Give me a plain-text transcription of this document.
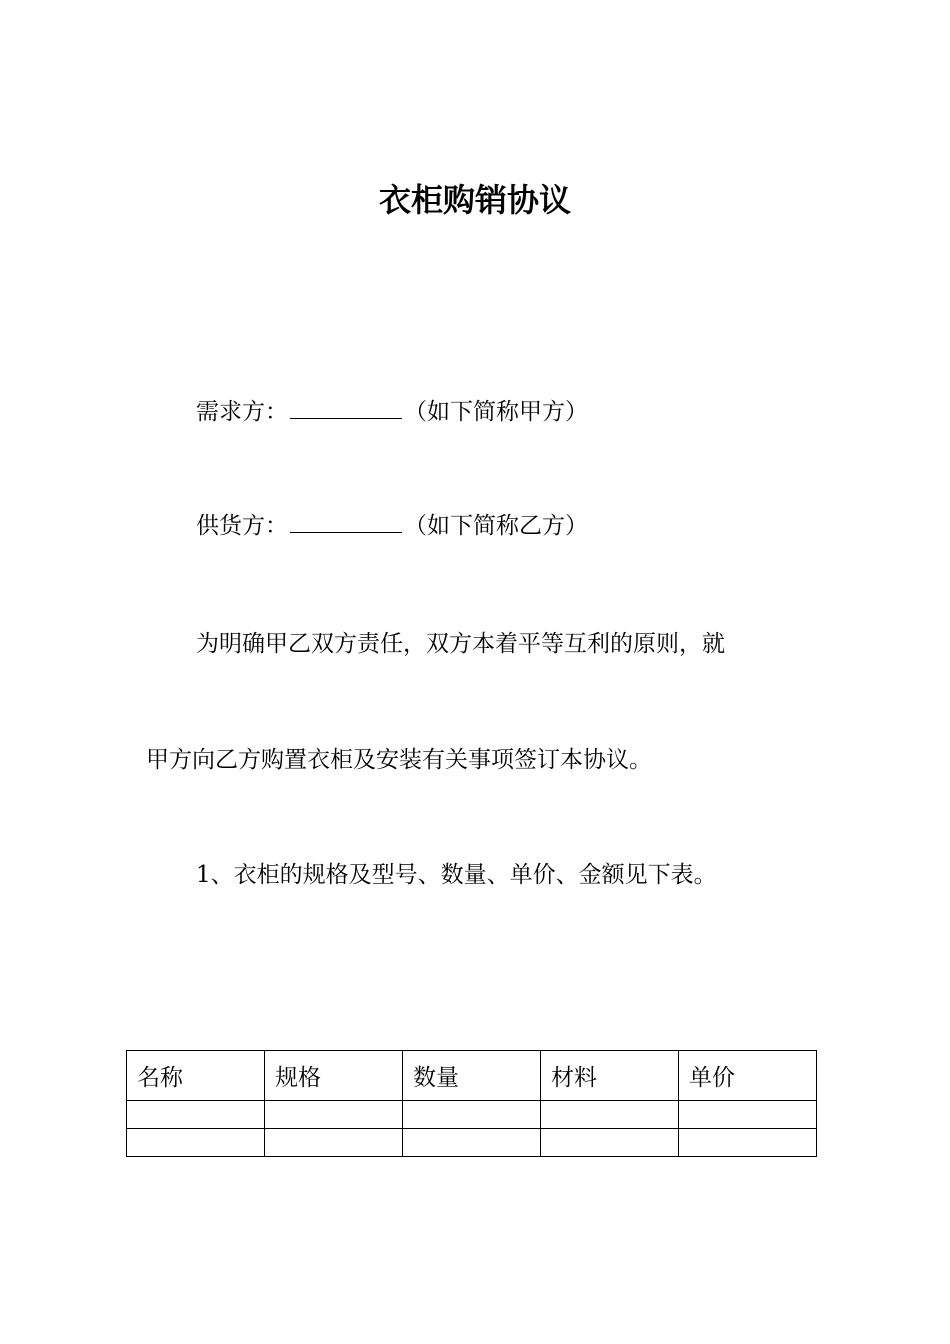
衣柜购销协议

需求方：	（如下简称甲方）

供货方：	（如下简称乙方）

为明确甲乙双方责任，双方本着平等互利的原则，就

甲方向乙方购置衣柜及安装有关事项签订本协议。

1、衣柜的规格及型号、数量、单价、金额见下表。

名称	规格	数量	材料	单价
